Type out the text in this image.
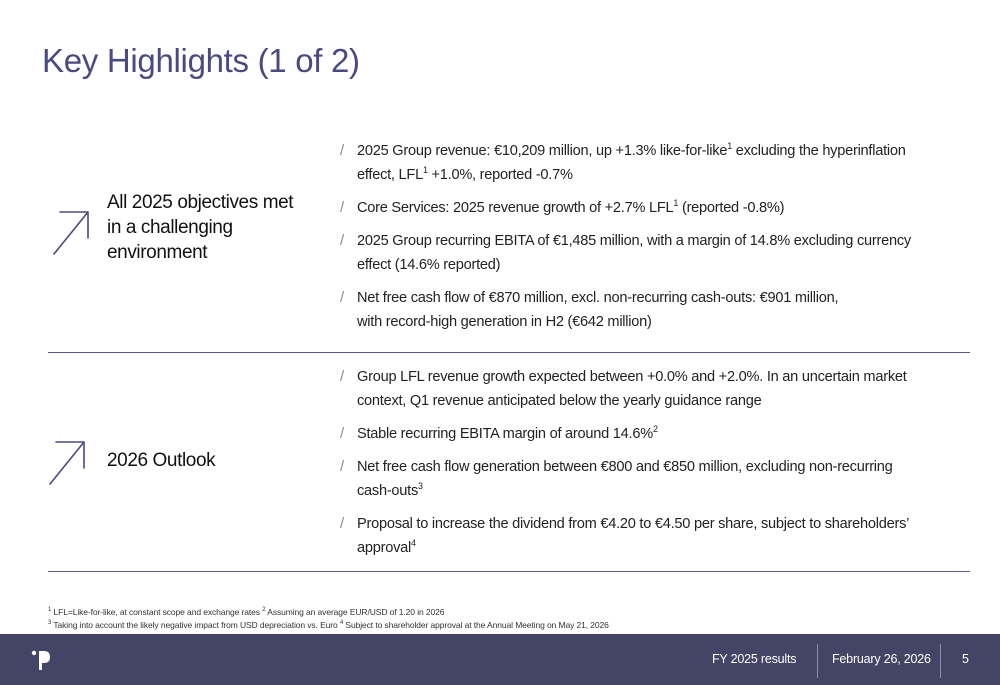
Key Highlights (1 of 2)
All 2025 objectives met
in a challenging
environment
/ 2025 Group revenue: €10,209 million, up +1.3% like-for-like$^1$ excluding the hyperinflation
effect, $LFL^1 +1.0\%$, reported -0.7%
/ Core Services: 2025 revenue growth of +2.7% LFL$^1$ (reported -0.8%)
/ 2025 Group recurring EBITA of €1,485 million, with a margin of 14.8% excluding currency
effect (14.6% reported)
/ Net free cash flow of €870 million, excl. non-recurring cash-outs: €901 million,
with record-high generation in H2 (€642 million)
2026 Outlook
/ Group LFL revenue growth expected between +0.0% and +2.0%. In an uncertain market
context, Q1 revenue anticipated below the yearly guidance range
/ Stable recurring EBITA margin of around 14.6%$^2$
/ Net free cash flow generation between €800 and €850 million, excluding non-recurring
cash-outs$^3$
/ Proposal to increase the dividend from €4.20 to €4.50 per share, subject to shareholders’
approval$^4$
$^1$ LFL=Like-for-like, at constant scope and exchange rates $^2$ Assuming an average EUR/USD of 1.20 in 2026
$^3$ Taking into account the likely negative impact from USD depreciation vs. Euro $^4$ Subject to shareholder approval at the Annual Meeting on May 21, 2026
FY 2025 results	February 26, 2026	5
